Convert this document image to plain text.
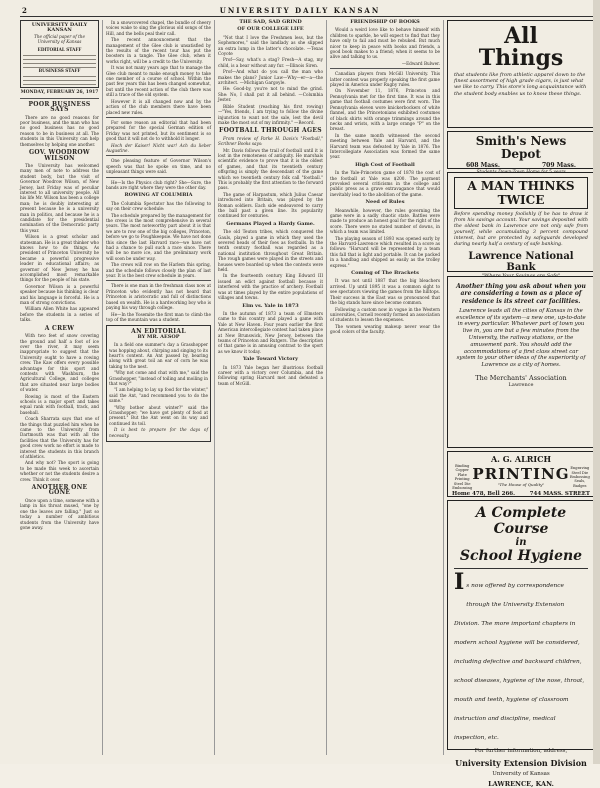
2	UNIVERSITY DAILY KANSAN
UNIVERSITY DAILY KANSAN
The official paper of the University of Kansas
EDITORIAL STAFF
BUSINESS STAFF
MONDAY, FEBRUARY 26, 1917
POOR BUSINESS SAYS

There are no good reasons for poor business, and the man who has no good business has no good reason to be in business at all. The students in this University can help themselves by helping one another.

GOV. WOODROW WILSON

The University has welcomed many men of note to address the student body, but the visit of Governor Woodrow Wilson, of New Jersey, last Friday was of peculiar interest to all university people. All his life Mr. Wilson has been a college man; he is doubly interesting at present because he is a university man in politics, and because he is a candidate for the presidential nomination of the Democratic party this year.

Wilson is a great scholar and statesman. He is a great thinker who knows how to do things. As president of Princeton University he became a powerful progressive leader in educational affairs; as governor of New Jersey he has accomplished most remarkable things for the people of his state.

Governor Wilson is a powerful speaker because his thinking is clear and his language is forceful. He is a man of strong convictions.

William Allen White has appeared before the students in a series of talks.

A CREW

With two feet of snow covering the ground and half a foot of ice over the river, it may seem inappropriate to suggest that the University ought to have a rowing crew. The Kaw offers every possible advantage for this sport and contests with Washburn, the Agricultural College, and colleges that are situated near large bodies of water.

Rowing is most of the Eastern schools is a major sport and takes equal rank with football, track, and baseball.

Coach Sharrata says that one of the things that puzzled him when he came to the University from Dartmouth was that with all the facilities that the University has for good crew work no effort is made to interest the students in this branch of athletics.

And why not? The sport is going to be made this week to ascertain whether or not the students desire a crew. Think it over.

ANOTHER ONE GONE

Once upon a time, someone with a lamp in his throat mused, "one by one the leaves are falling." Just so today a number of ambitious students from the University have gone away.

In a snowcovered chapel, the bundle of cheery voices wake to sing the glorious old songs of the Hill, and the bells peal their call.

The recent announcement that the management of the Glee club is unsatisfied by the results of the recent tour has put the boosters in a tangle. The Glee club, when it works right, will be a credit to the University.

It was not many years ago that to manage the Glee club meant to make enough money to take one member of a course of school. Within the past few years this has been changed somewhat, but until the recent action of the club there was still a trace of the old system.

However it is all changed now and by the action of the club members there have been placed new rules.

For some reason an editorial that had been prepared for the special German edition of Friday was not printed, but its sentiment is so good that it will not do to withhold it longer.

Hoch der Kaiser! Nicht war! Ach du lieber Augustine.

One pleasing feature of Governor Wilson's speech was that he spoke on time, and no unpleasant things were said.

He—Is the Physics club right? She—Sure, the bands are right where they were the other day.

ROWING AT COLUMBIA

The Columbia Spectator has the following to say on their crew schedule:

The schedule prepared by the management for the crews is the most comprehensive in several years. The most noteworthy part about it is that we are to row one of the big colleges, Princeton, before we go to Poughkeepsie. We have not done this since the last Harvard race—we have not had a chance to pull such a race since. There will be no more ice, and the preliminary work will soon be under way.

The crews will row on the Harlem this spring, and the schedule follows closely the plan of last year. It is the best crew schedule in years.

There is one man in the freshman class now at Princeton who evidently has not heard that Princeton is aristocratic and full of distinctions based on wealth. He is a hardworking boy who is paying his way through college.

He—In the Yosemite the first man to climb the top of the mountain was a student.

AN EDITORIAL
BY MR. AESOP

In a field one summer's day a Grasshopper was hopping about, chirping and singing to its heart's content. An Ant passed by, bearing along with great toil an ear of corn he was taking to the nest.

"Why not come and chat with me," said the Grasshopper, "instead of toiling and moiling in that way?"

"I am helping to lay up food for the winter," said the Ant, "and recommend you to do the same."

"Why bother about winter?" said the Grasshopper; "we have got plenty of food at present." But the Ant went on its way and continued its toil.

It is best to prepare for the days of necessity.

THE SAD, SAD GRIND
OF OUR COLLEGE LIFE

"Not that I love the Freshmen less, but the Sophomores," said the landlady as she slipped an extra lump in the latter's chocolate. —Texas Coyote

Prof—Say, what's a stag? Fresh—A stag, my child, is a bear without any fur. —Illinois Siren.

Prof—And what do you call the man who makes the plans? Junior Law—Why—er—a—the architect. —Michigan Gargoyle.

He: Good-by, you're not to mind the grind. She: No, I shall put it all behind. —Columbia Jester.

Bible Student (reaching his first rowing)—"Yes, friends, I am trying to follow the divine injunction to want not the sale, lest the devil make the most out of my infirmity." —Record.

FOOTBALL THROUGH AGES

From review of Parke H. Davis's "Football," Scribner Books says:

Mr. Davis follows the trail of football until it is lost in the remoteness of antiquity. He marshals scientific evidence to prove that it is the oldest of games, and that its twentieth century offspring is simply the descendant of the game which we twentieth century folk call "football." This is probably the first attention to the forward pass.

The game of Harpastum, which Julius Caesar introduced into Britain, was played by the Roman soldiers. Each side endeavored to carry the ball past a given line. Its popularity continued for centuries.

Germans Played a Hardy Game.

The old Teuton tribes, which conquered the Gauls, played a game in which they used the severed heads of their foes as footballs. In the tenth century football was regarded as a national institution throughout Great Britain. The rough games were played in the streets and houses were boarded up when the contests were held.

In the fourteenth century King Edward III issued an edict against football because it interfered with the practice of archery. Football was at times played by the entire populations of villages and towns.

Elm vs. Yale in 1873

In the autumn of 1873 a team of Elmsters came to this country and played a game with Yale at New Haven. Four years earlier the first American intercollegiate contest had taken place at New Brunswick, New Jersey, between the teams of Princeton and Rutgers. The description of that game is in amusing contrast to the sport as we know it today.

Yale Toward Victory

In 1873 Yale began her illustrious football career with a victory over Columbia, and the following spring Harvard met and defeated a team of McGill.

FRIENDSHIP OF BOOKS

Would a weird love like to behave himself with children to sparkle, he will expect to find that they have only to fail and must be rebuked. But much nicer to keep in peace with books and friends, a good book makes to a friend; when it seems to be alive and talking to us.

—Edward Bulwer.

Canadian players from McGill University. This latter contest was properly speaking the first game played in America under Rugby rules.

On November 11, 1876, Princeton and Pennsylvania met for the first time. It was in this game that football costumes were first worn. The Pennsylvania eleven wore knickerbockers of white flannel, and the Princetonians exhibited costumes of black shirts with orange trimmings around the necks and wrists, with a large orange "P" on the breast.

In the same month witnessed the second meeting between Yale and Harvard, and the Harvard team was defeated by Yale in 1876. The Intercollegiate Association was formed the same year.

High Cost of Football

In the Yale-Princeton game of 1878 the cost of the football at Yale was $200. The payment provoked several criticisms in the college and public press as a grave extravagance that would inevitably lead to the abolition of the game.

Need of Rules

Meanwhile, however, the rules governing the game were in a sadly chaotic state. Battles were made to produce an honest goal for the right of the score. There were no stated number of downs, in which a team was limited.

The playing season of 1893 was opened early by the Harvard-Lawrence which resulted in a score as follows: "Harvard will be represented by a team this fall that is light and portable. It can be packed in a handbag and shipped as easily as the trolley express."

Coming of The Brackets

It was not until 1887 that the big bleachers arrived. Up until 1895 it was a common sight to see spectators viewing the games from the hilltops. Their success in the East was so pronounced that the big stands have since become common.

Following a custom now in vogue in the Western universities, Cornell recently formed an association of students to lessen the expenses.

The women wearing makeup never wear the good colors of the faculty.

All
Things
that students like from athletic apparel down to the finest assortment of high grade cigars, is just what we like to carry. This store's long acquaintance with the student body enables us to know these things.
Smith's News Depot
608 Mass.	709 Mass.
A MAN THINKS TWICE
Before spending money foolishly if he has to draw it from his savings account. Your savings deposited with the oldest bank in Lawrence are not only safe from yourself, while accumulating 3 percent compound interest, but are protected by safeguards developed during nearly half a century of safe banking.
Lawrence National Bank
Another thing you ask about when you are considering a town as a place of residence is its street car facilities.
Lawrence leads all the cities of Kansas in the excellence of its system—a new one, up-to-date in every particular. Whatever part of town you live in, you are but a few minutes from the University, the railway stations, or the amusement park. You should add the accommodations of a first class street car system to your other ideas of the superiority of Lawrence as a city of homes.
The Merchants' Association
Lawrence
A. G. ALRICH
Binding Copper Plate Printing Steel Die Embossing
PRINTING
"The House of Quality"
Engraving Steel Die Embossing Seals, Badges
Home 478, Bell 266.	744 MASS. STREET
A Complete Course
in
School Hygiene
I s now offered by correspondence through the University Extension Division. The more important chapters in modern school hygiene will be considered, including defective and backward children, school diseases, hygiene of the nose, throat, mouth and teeth, hygiene of classroom instruction and discipline, medical inspection, etc.
For further information, address,
University Extension Division
University of Kansas
LAWRENCE, KAN.
